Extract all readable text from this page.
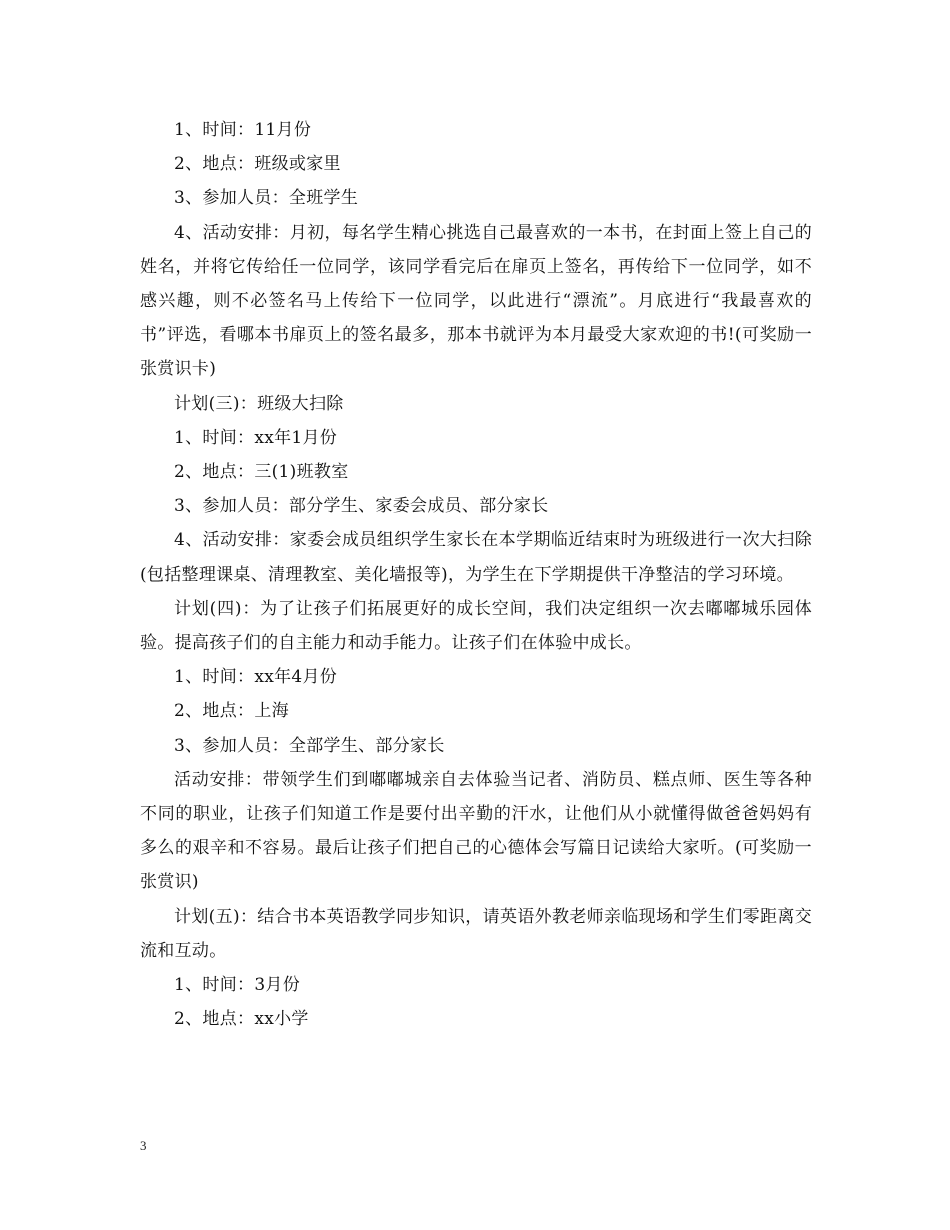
1、时间：11月份

2、地点：班级或家里

3、参加人员：全班学生

4、活动安排：月初，每名学生精心挑选自己最喜欢的一本书，在封面上签上自己的姓名，并将它传给任一位同学，该同学看完后在扉页上签名，再传给下一位同学，如不感兴趣，则不必签名马上传给下一位同学，以此进行“漂流”。月底进行“我最喜欢的书”评选，看哪本书扉页上的签名最多，那本书就评为本月最受大家欢迎的书!(可奖励一张赏识卡)

计划(三)：班级大扫除

1、时间：xx年1月份

2、地点：三(1)班教室

3、参加人员：部分学生、家委会成员、部分家长

4、活动安排：家委会成员组织学生家长在本学期临近结束时为班级进行一次大扫除(包括整理课桌、清理教室、美化墙报等)，为学生在下学期提供干净整洁的学习环境。

计划(四)：为了让孩子们拓展更好的成长空间，我们决定组织一次去嘟嘟城乐园体验。提高孩子们的自主能力和动手能力。让孩子们在体验中成长。

1、时间：xx年4月份

2、地点：上海

3、参加人员：全部学生、部分家长

活动安排：带领学生们到嘟嘟城亲自去体验当记者、消防员、糕点师、医生等各种不同的职业，让孩子们知道工作是要付出辛勤的汗水，让他们从小就懂得做爸爸妈妈有多么的艰辛和不容易。最后让孩子们把自己的心德体会写篇日记读给大家听。(可奖励一张赏识)

计划(五)：结合书本英语教学同步知识，请英语外教老师亲临现场和学生们零距离交流和互动。

1、时间：3月份

2、地点：xx小学

3
